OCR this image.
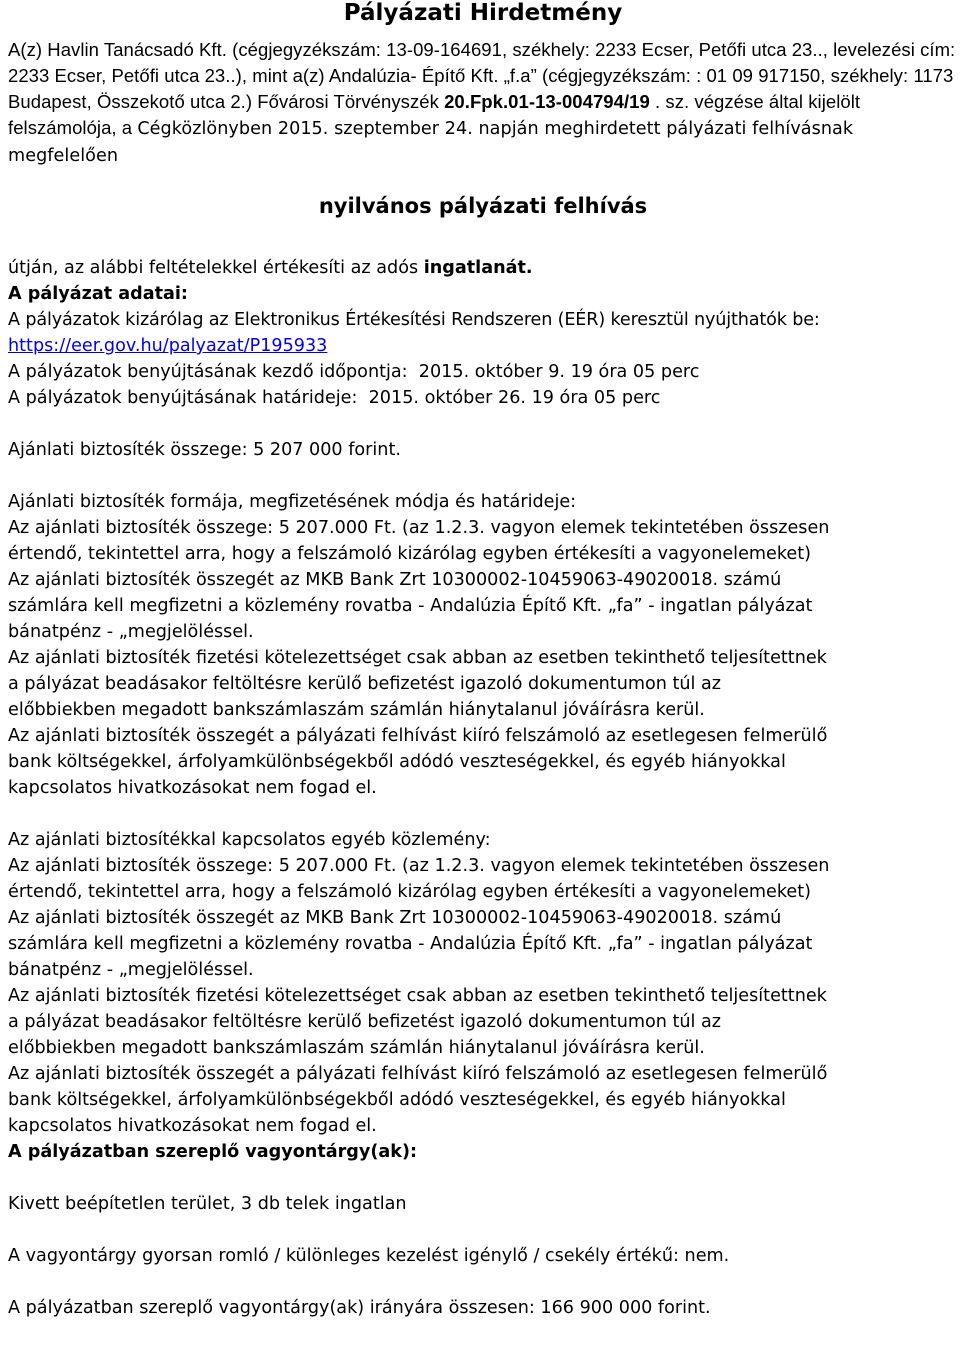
Pályázati Hirdetmény

A(z) Havlin Tanácsadó Kft. (cégjegyzékszám: 13-09-164691, székhely: 2233 Ecser, Petőfi utca 23.., levelezési cím: 2233 Ecser, Petőfi utca 23..), mint a(z) Andalúzia- Építő Kft. „f.a” (cégjegyzékszám: : 01 09 917150, székhely: 1173 Budapest, Összekotő utca 2.) Fővárosi Törvényszék 20.Fpk.01-13-004794/19 . sz. végzése által kijelölt felszámolója, a Cégközlönyben 2015. szeptember 24. napján meghirdetett pályázati felhívásnak megfelelően

nyilvános pályázati felhívás
útján, az alábbi feltételekkel értékesíti az adós ingatlanát.
A pályázat adatai:
A pályázatok kizárólag az Elektronikus Értékesítési Rendszeren (EÉR) keresztül nyújthatók be:
https://eer.gov.hu/palyazat/P195933
A pályázatok benyújtásának kezdő időpontja: 2015. október 9. 19 óra 05 perc
A pályázatok benyújtásának határideje: 2015. október 26. 19 óra 05 perc
Ajánlati biztosíték összege: 5 207 000 forint.
Ajánlati biztosíték formája, megfizetésének módja és határideje:
Az ajánlati biztosíték összege: 5 207.000 Ft. (az 1.2.3. vagyon elemek tekintetében összesen
értendő, tekintettel arra, hogy a felszámoló kizárólag egyben értékesíti a vagyonelemeket)
Az ajánlati biztosíték összegét az MKB Bank Zrt 10300002-10459063-49020018. számú
számlára kell megfizetni a közlemény rovatba - Andalúzia Építő Kft. „fa” - ingatlan pályázat
bánatpénz - „megjelöléssel.
Az ajánlati biztosíték fizetési kötelezettséget csak abban az esetben tekinthető teljesítettnek
a pályázat beadásakor feltöltésre kerülő befizetést igazoló dokumentumon túl az
előbbiekben megadott bankszámlaszám számlán hiánytalanul jóváírásra kerül.
Az ajánlati biztosíték összegét a pályázati felhívást kiíró felszámoló az esetlegesen felmerülő
bank költségekkel, árfolyamkülönbségekből adódó veszteségekkel, és egyéb hiányokkal
kapcsolatos hivatkozásokat nem fogad el.
Az ajánlati biztosítékkal kapcsolatos egyéb közlemény:
Az ajánlati biztosíték összege: 5 207.000 Ft. (az 1.2.3. vagyon elemek tekintetében összesen
értendő, tekintettel arra, hogy a felszámoló kizárólag egyben értékesíti a vagyonelemeket)
Az ajánlati biztosíték összegét az MKB Bank Zrt 10300002-10459063-49020018. számú
számlára kell megfizetni a közlemény rovatba - Andalúzia Építő Kft. „fa” - ingatlan pályázat
bánatpénz - „megjelöléssel.
Az ajánlati biztosíték fizetési kötelezettséget csak abban az esetben tekinthető teljesítettnek
a pályázat beadásakor feltöltésre kerülő befizetést igazoló dokumentumon túl az
előbbiekben megadott bankszámlaszám számlán hiánytalanul jóváírásra kerül.
Az ajánlati biztosíték összegét a pályázati felhívást kiíró felszámoló az esetlegesen felmerülő
bank költségekkel, árfolyamkülönbségekből adódó veszteségekkel, és egyéb hiányokkal
kapcsolatos hivatkozásokat nem fogad el.
A pályázatban szereplő vagyontárgy(ak):
Kivett beépítetlen terület, 3 db telek ingatlan
A vagyontárgy gyorsan romló / különleges kezelést igénylő / csekély értékű: nem.
A pályázatban szereplő vagyontárgy(ak) irányára összesen: 166 900 000 forint.
